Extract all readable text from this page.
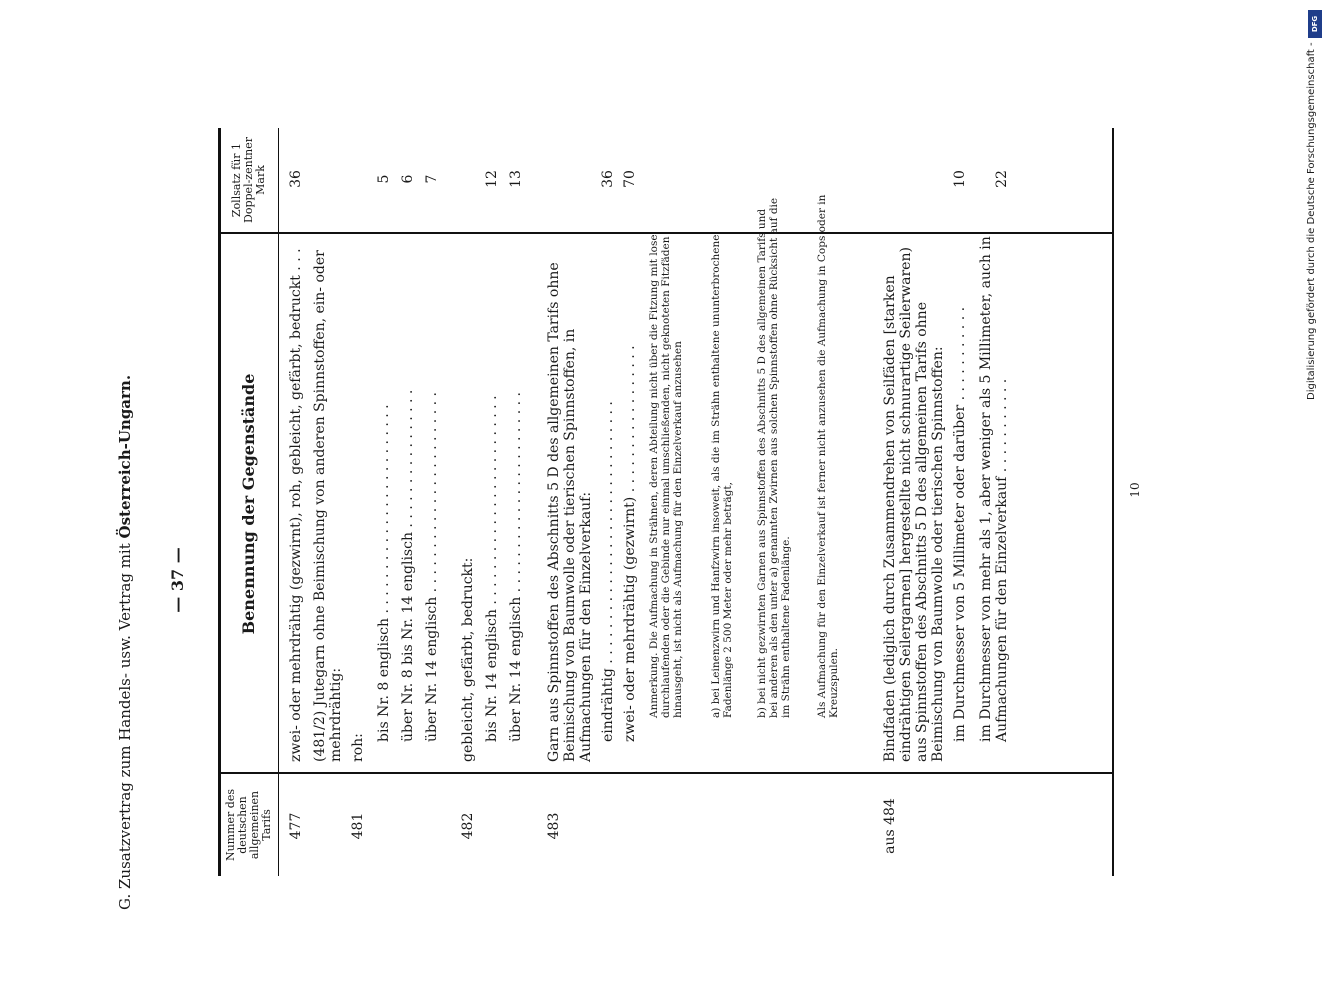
G. Zusatzvertrag zum Handels- usw. Vertrag mit Österreich-Ungarn.
— 37 —
Nummer des deutschen allgemeinen Tarifs
Benennung der Gegenstände
Zollsatz für 1 Doppel-zentner Mark
477
zwei- oder mehrdrähtig (gezwirnt), roh, gebleicht, gefärbt, bedruckt . . .
36
(481/2) Jutegarn ohne Beimischung von anderen Spinnstoffen, ein- oder mehrdrähtig:
481
roh:
bis Nr. 8 englisch . . . . . . . . . . . . . . . . . . . . . . . .
5
über Nr. 8 bis Nr. 14 englisch . . . . . . . . . . . . . . . .
6
über Nr. 14 englisch . . . . . . . . . . . . . . . . . . . . . . .
7
482
gebleicht, gefärbt, bedruckt: bis Nr. 14 englisch . . . . . . . . . . . . . . . . . . . . . . . .
12
über Nr. 14 englisch . . . . . . . . . . . . . . . . . . . . . . .
13
483
Garn aus Spinnstoffen des Abschnitts 5 D des allgemeinen Tarifs ohne Beimischung von Baumwolle oder tierischen Spinnstoffen, in Aufmachungen für den Einzelverkauf: eindrähtig . . . . . . . . . . . . . . . . . . . . . . . . . . . . . .
36
zwei- oder mehrdrähtig (gezwirnt) . . . . . . . . . . . . . . . . .
70
Anmerkung. Die Aufmachung in Strähnen, deren Abteilung nicht über die Fitzung mit lose durchlaufenden oder die Gebinde nur einmal umschließenden, nicht geknoteten Fitzfäden hinausgeht, ist nicht als Aufmachung für den Einzelverkauf anzusehen a) bei Leinenzwirn und Hanfzwirn insoweit, als die im Strähn enthaltene ununterbrochene Fadenlänge 2 500 Meter oder mehr beträgt, b) bei nicht gezwirnten Garnen aus Spinnstoffen des Abschnitts 5 D des allgemeinen Tarifs und bei anderen als den unter a) genannten Zwirnen aus solchen Spinnstoffen ohne Rücksicht auf die im Strähn enthaltene Fadenlänge. Als Aufmachung für den Einzelverkauf ist ferner nicht anzusehen die Aufmachung in Cops oder in Kreuzspulen.
aus 484
Bindfaden (lediglich durch Zusammendrehen von Seilfäden [starken eindrähtigen Seilergarnen] hergestellte nicht schnurartige Seilerwaren) aus Spinnstoffen des Abschnitts 5 D des allgemeinen Tarifs ohne Beimischung von Baumwolle oder tierischen Spinnstoffen: im Durchmesser von 5 Millimeter oder darüber . . . . . . . . . . .
10
im Durchmesser von mehr als 1, aber weniger als 5 Millimeter, auch in Aufmachungen für den Einzelverkauf . . . . . . . . . . .
22
10
DFG
Digitalisierung gefördert durch die Deutsche Forschungsgemeinschaft -
